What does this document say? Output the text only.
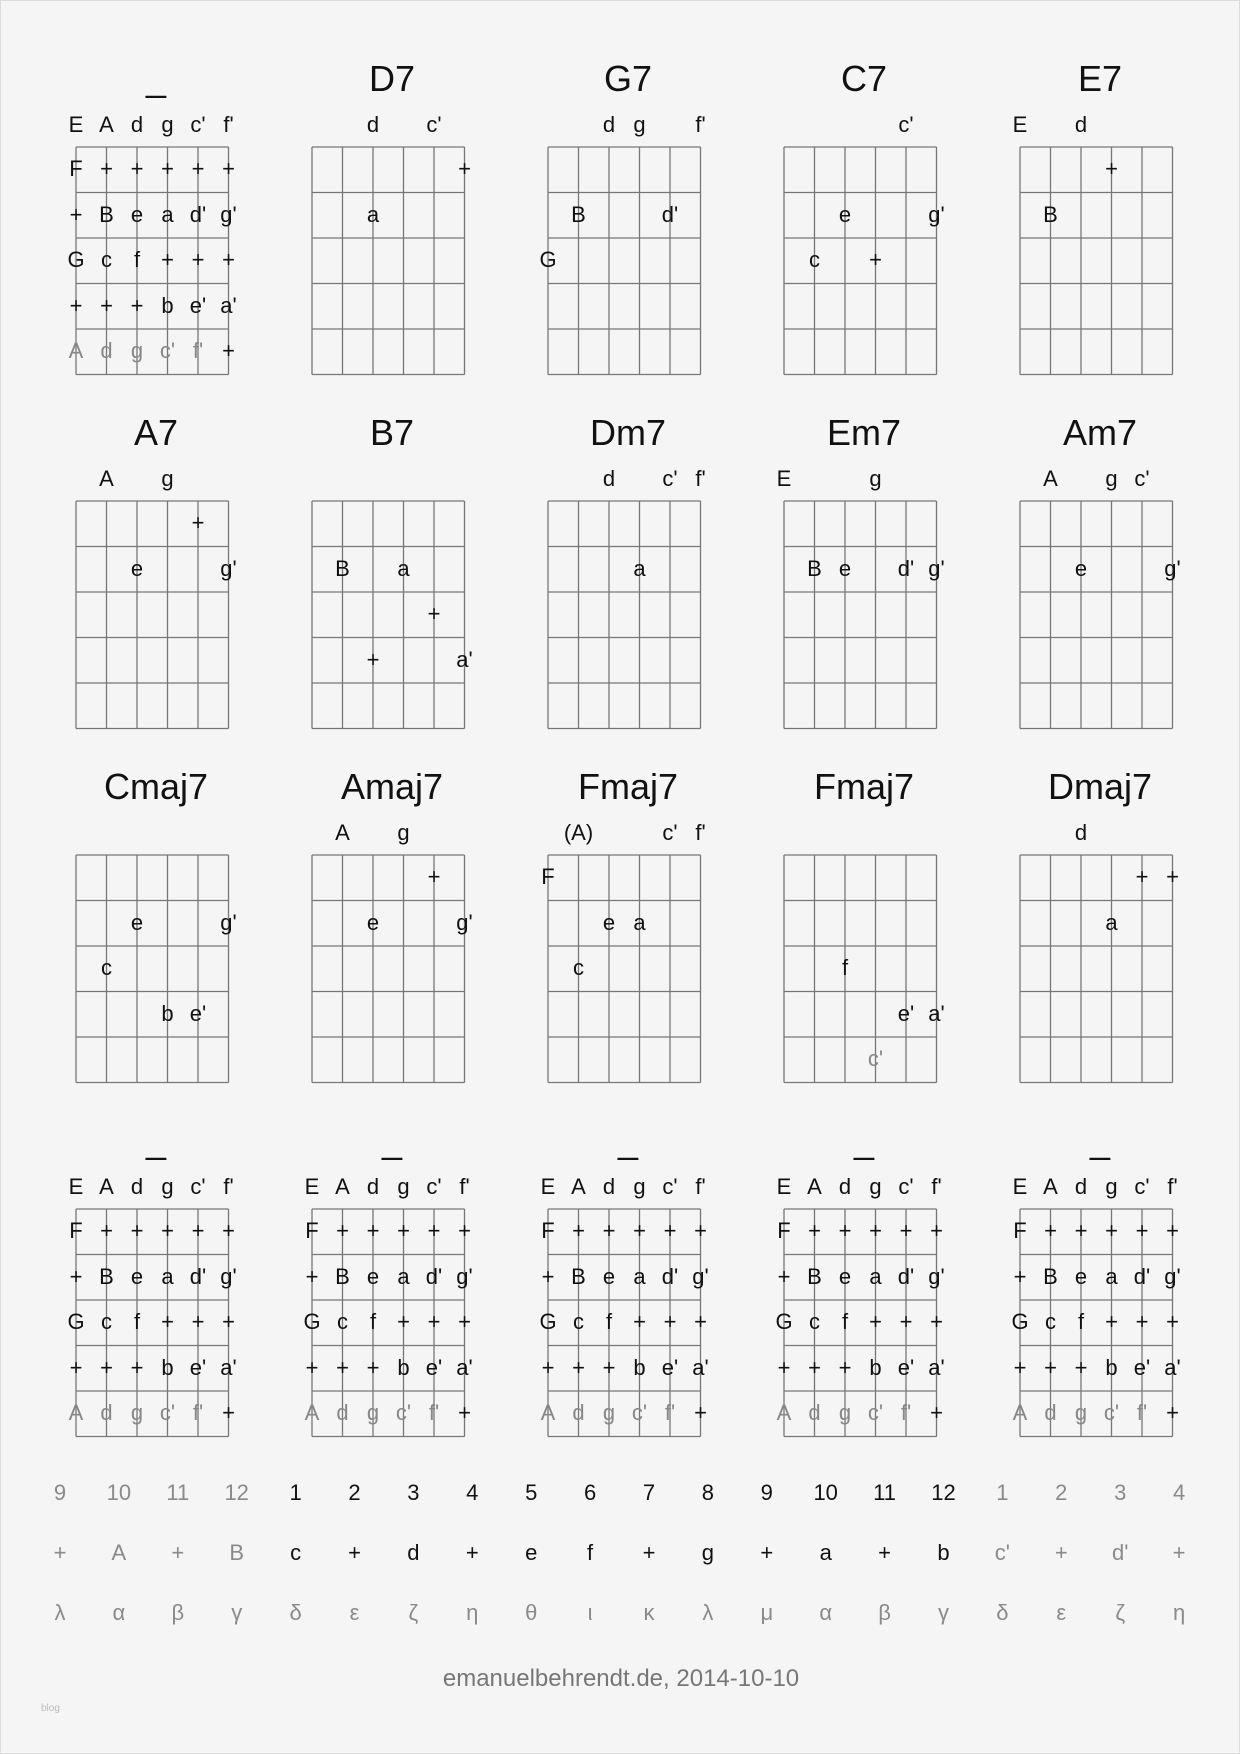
_
E A d g c' f'
F + + + + +
+ B e a d' g'
G c f + + +
+ + + b e' a'
A d g c' f' +
D7
d	c'
+
a
G7
d g	f'
B	d'
G
C7
c'
e	g'
c	+
E7
E	d
+
B
A7
A	g
+
e	g'
B7
B	a
+
+	a'
Dm7
d	c' f'
a
Em7
E	g
B e	d' g'
Am7
A	g c'
e	g'
Cmaj7
e	g'
c
b e'
Amaj7
A	g
+
e	g'
Fmaj7
(A)	c' f'
F
e a
c
Fmaj7
f
e' a'
c'
Dmaj7
d
+ +
a
_
E A d g c' f'
F + + + + +
+ B e a d' g'
G c f + + +
+ + + b e' a'
A d g c' f' +
_
E A d g c' f'
F + + + + +
+ B e a d' g'
G c f + + +
+ + + b e' a'
A d g c' f' +
_
E A d g c' f'
F + + + + +
+ B e a d' g'
G c f + + +
+ + + b e' a'
A d g c' f' +
_
E A d g c' f'
F + + + + +
+ B e a d' g'
G c f + + +
+ + + b e' a'
A d g c' f' +
_
E A d g c' f'
F + + + + +
+ B e a d' g'
G c f + + +
+ + + b e' a'
A d g c' f' +
9	10	11	12	1	2	3	4	5	6	7	8	9	10	11	12	1	2	3	4
+	A	+	B	c	+	d	+	e	f	+	g	+	a	+	b	c'	+	d'	+
λ	α	β	γ	δ	ε	ζ	η	θ	ι	κ	λ	μ	α	β	γ	δ	ε	ζ	η
emanuelbehrendt.de, 2014-10-10
blog
